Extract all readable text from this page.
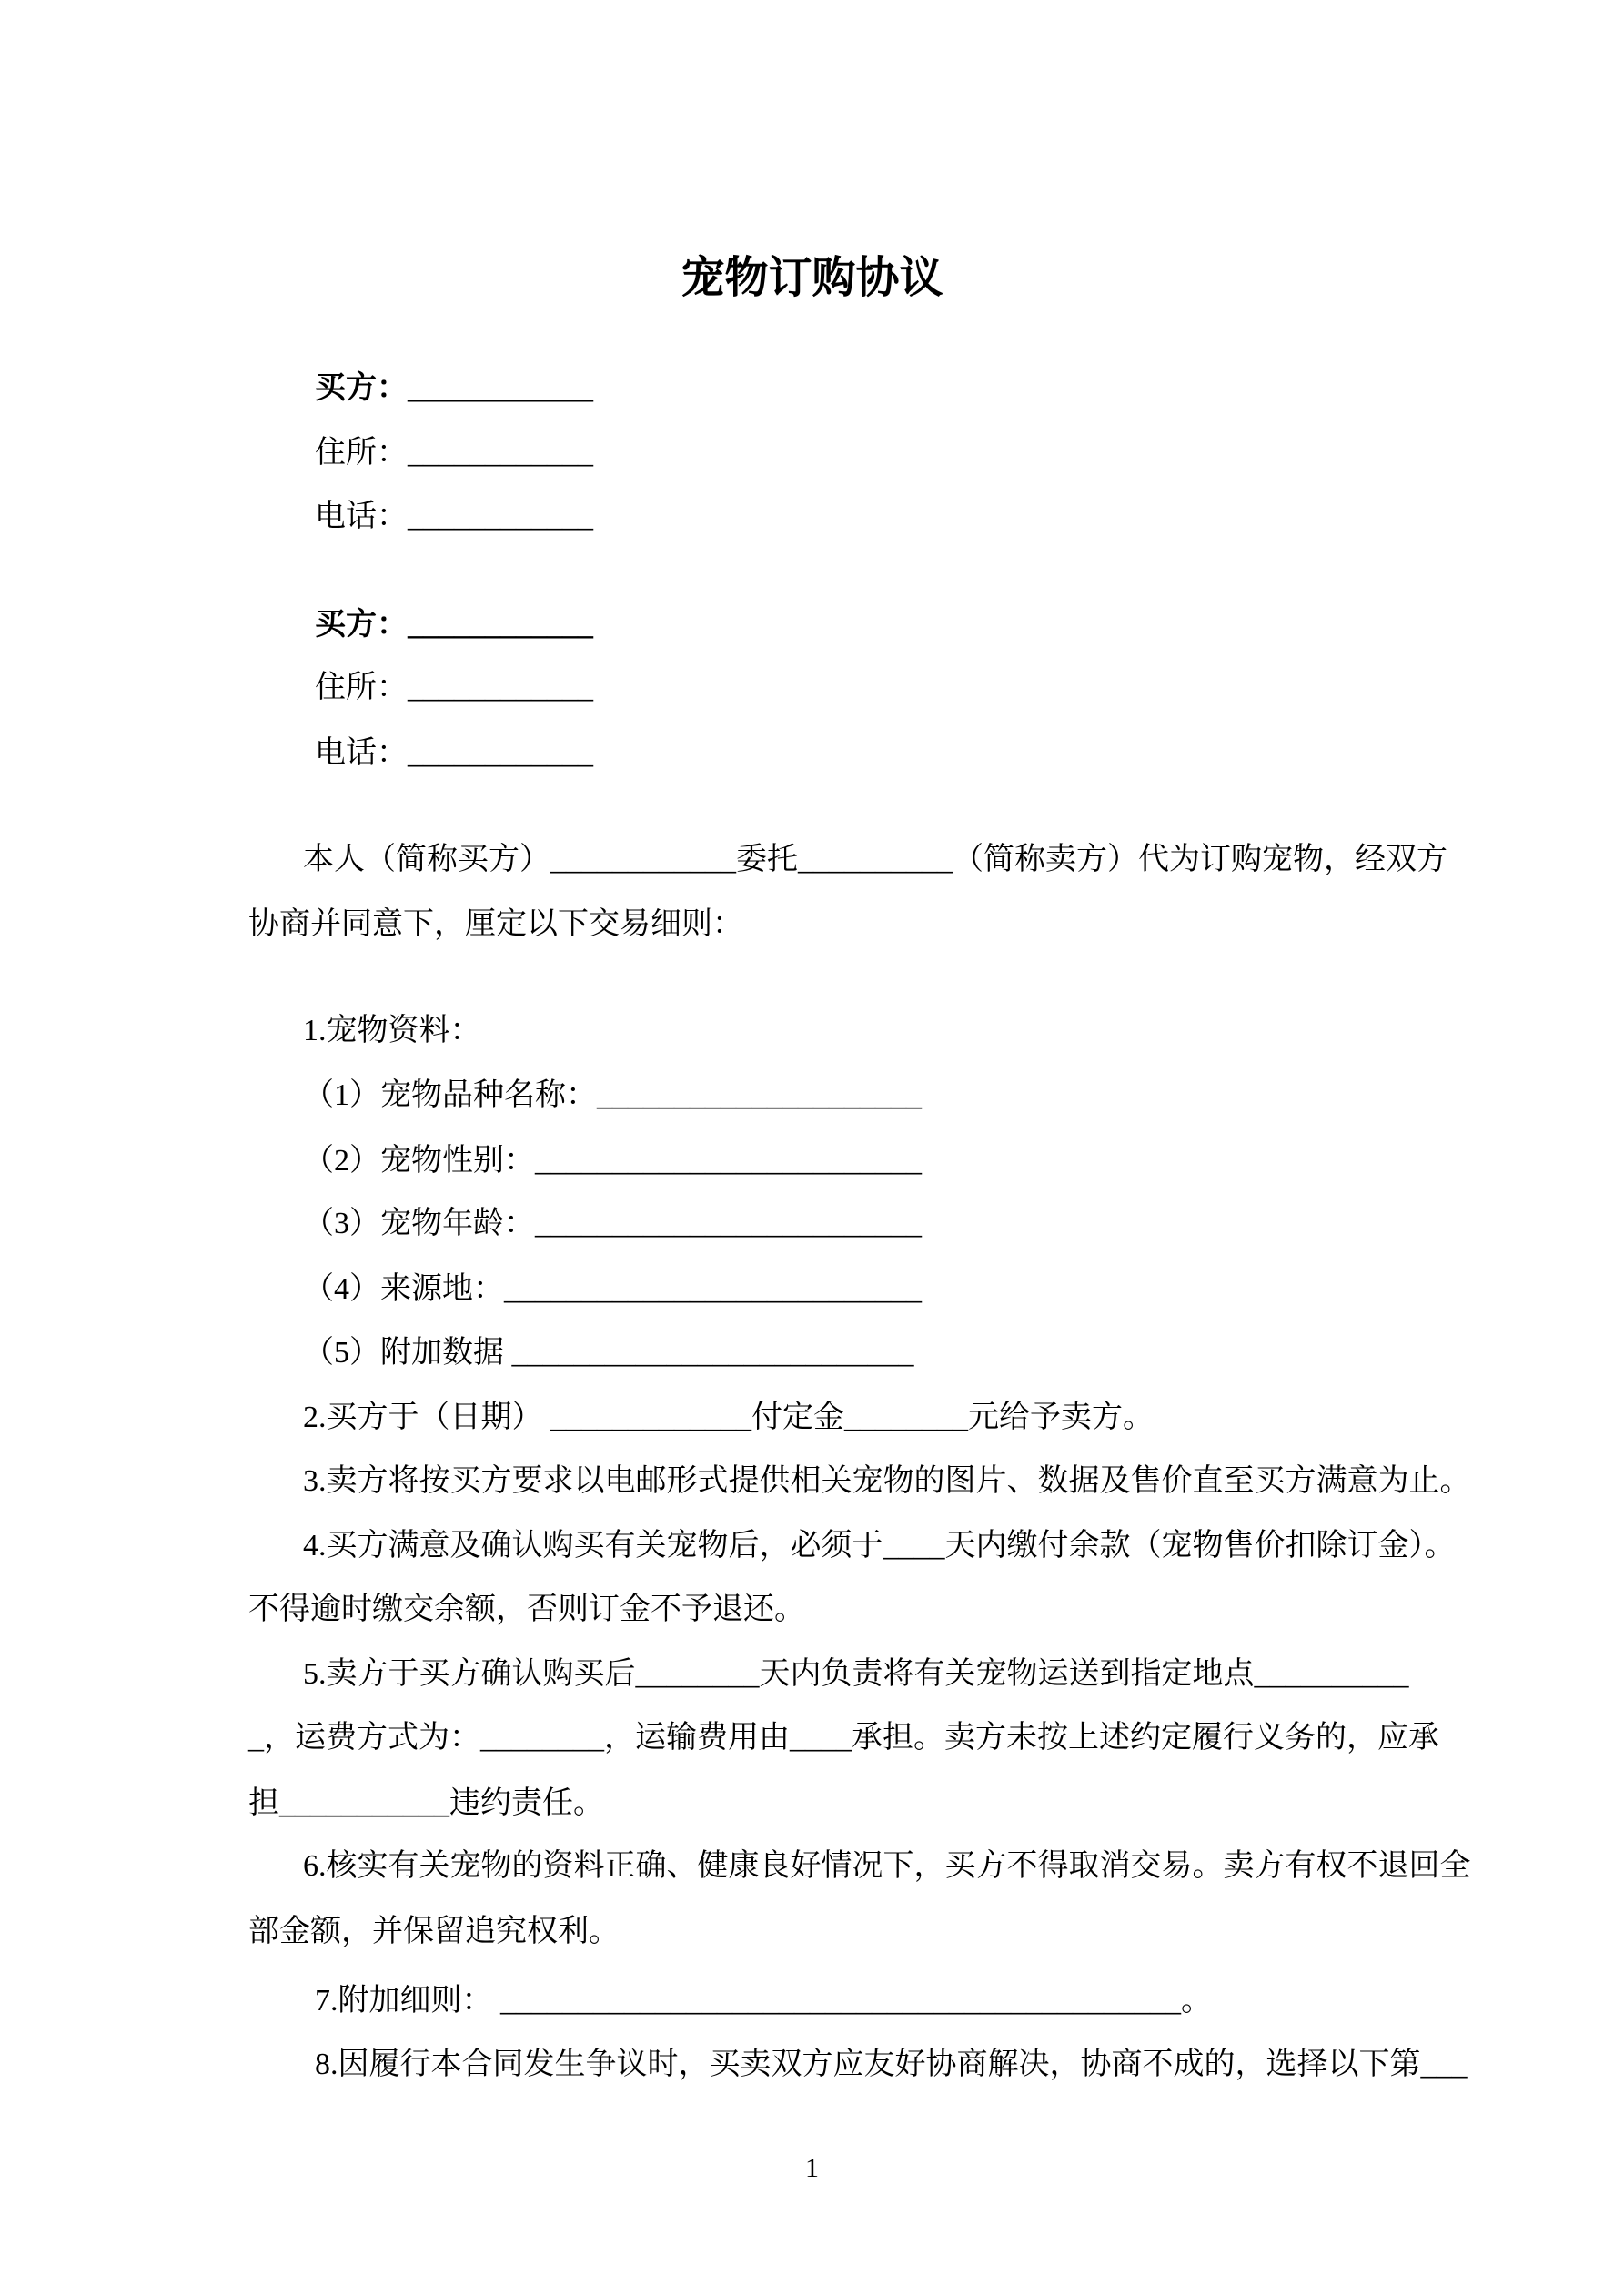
宠物订购协议
买方：____________
住所：____________
电话：____________
买方：____________
住所：____________
电话：____________
本人（简称买方）____________委托__________（简称卖方）代为订购宠物，经双方
协商并同意下，厘定以下交易细则：
1.宠物资料：
（1）宠物品种名称：_____________________
（2）宠物性别：_________________________
（3）宠物年龄：_________________________
（4）来源地：___________________________
（5）附加数据 __________________________
2.买方于（日期） _____________付定金________元给予卖方。
3.卖方将按买方要求以电邮形式提供相关宠物的图片、数据及售价直至买方满意为止。
4.买方满意及确认购买有关宠物后，必须于____天内缴付余款（宠物售价扣除订金）。
不得逾时缴交余额，否则订金不予退还。
5.卖方于买方确认购买后________天内负责将有关宠物运送到指定地点__________
_，运费方式为：________，运输费用由____承担。卖方未按上述约定履行义务的，应承
担___________违约责任。
6.核实有关宠物的资料正确、健康良好情况下，买方不得取消交易。卖方有权不退回全
部金额，并保留追究权利。
7.附加细则： ____________________________________________。
8.因履行本合同发生争议时，买卖双方应友好协商解决，协商不成的，选择以下第___
1
